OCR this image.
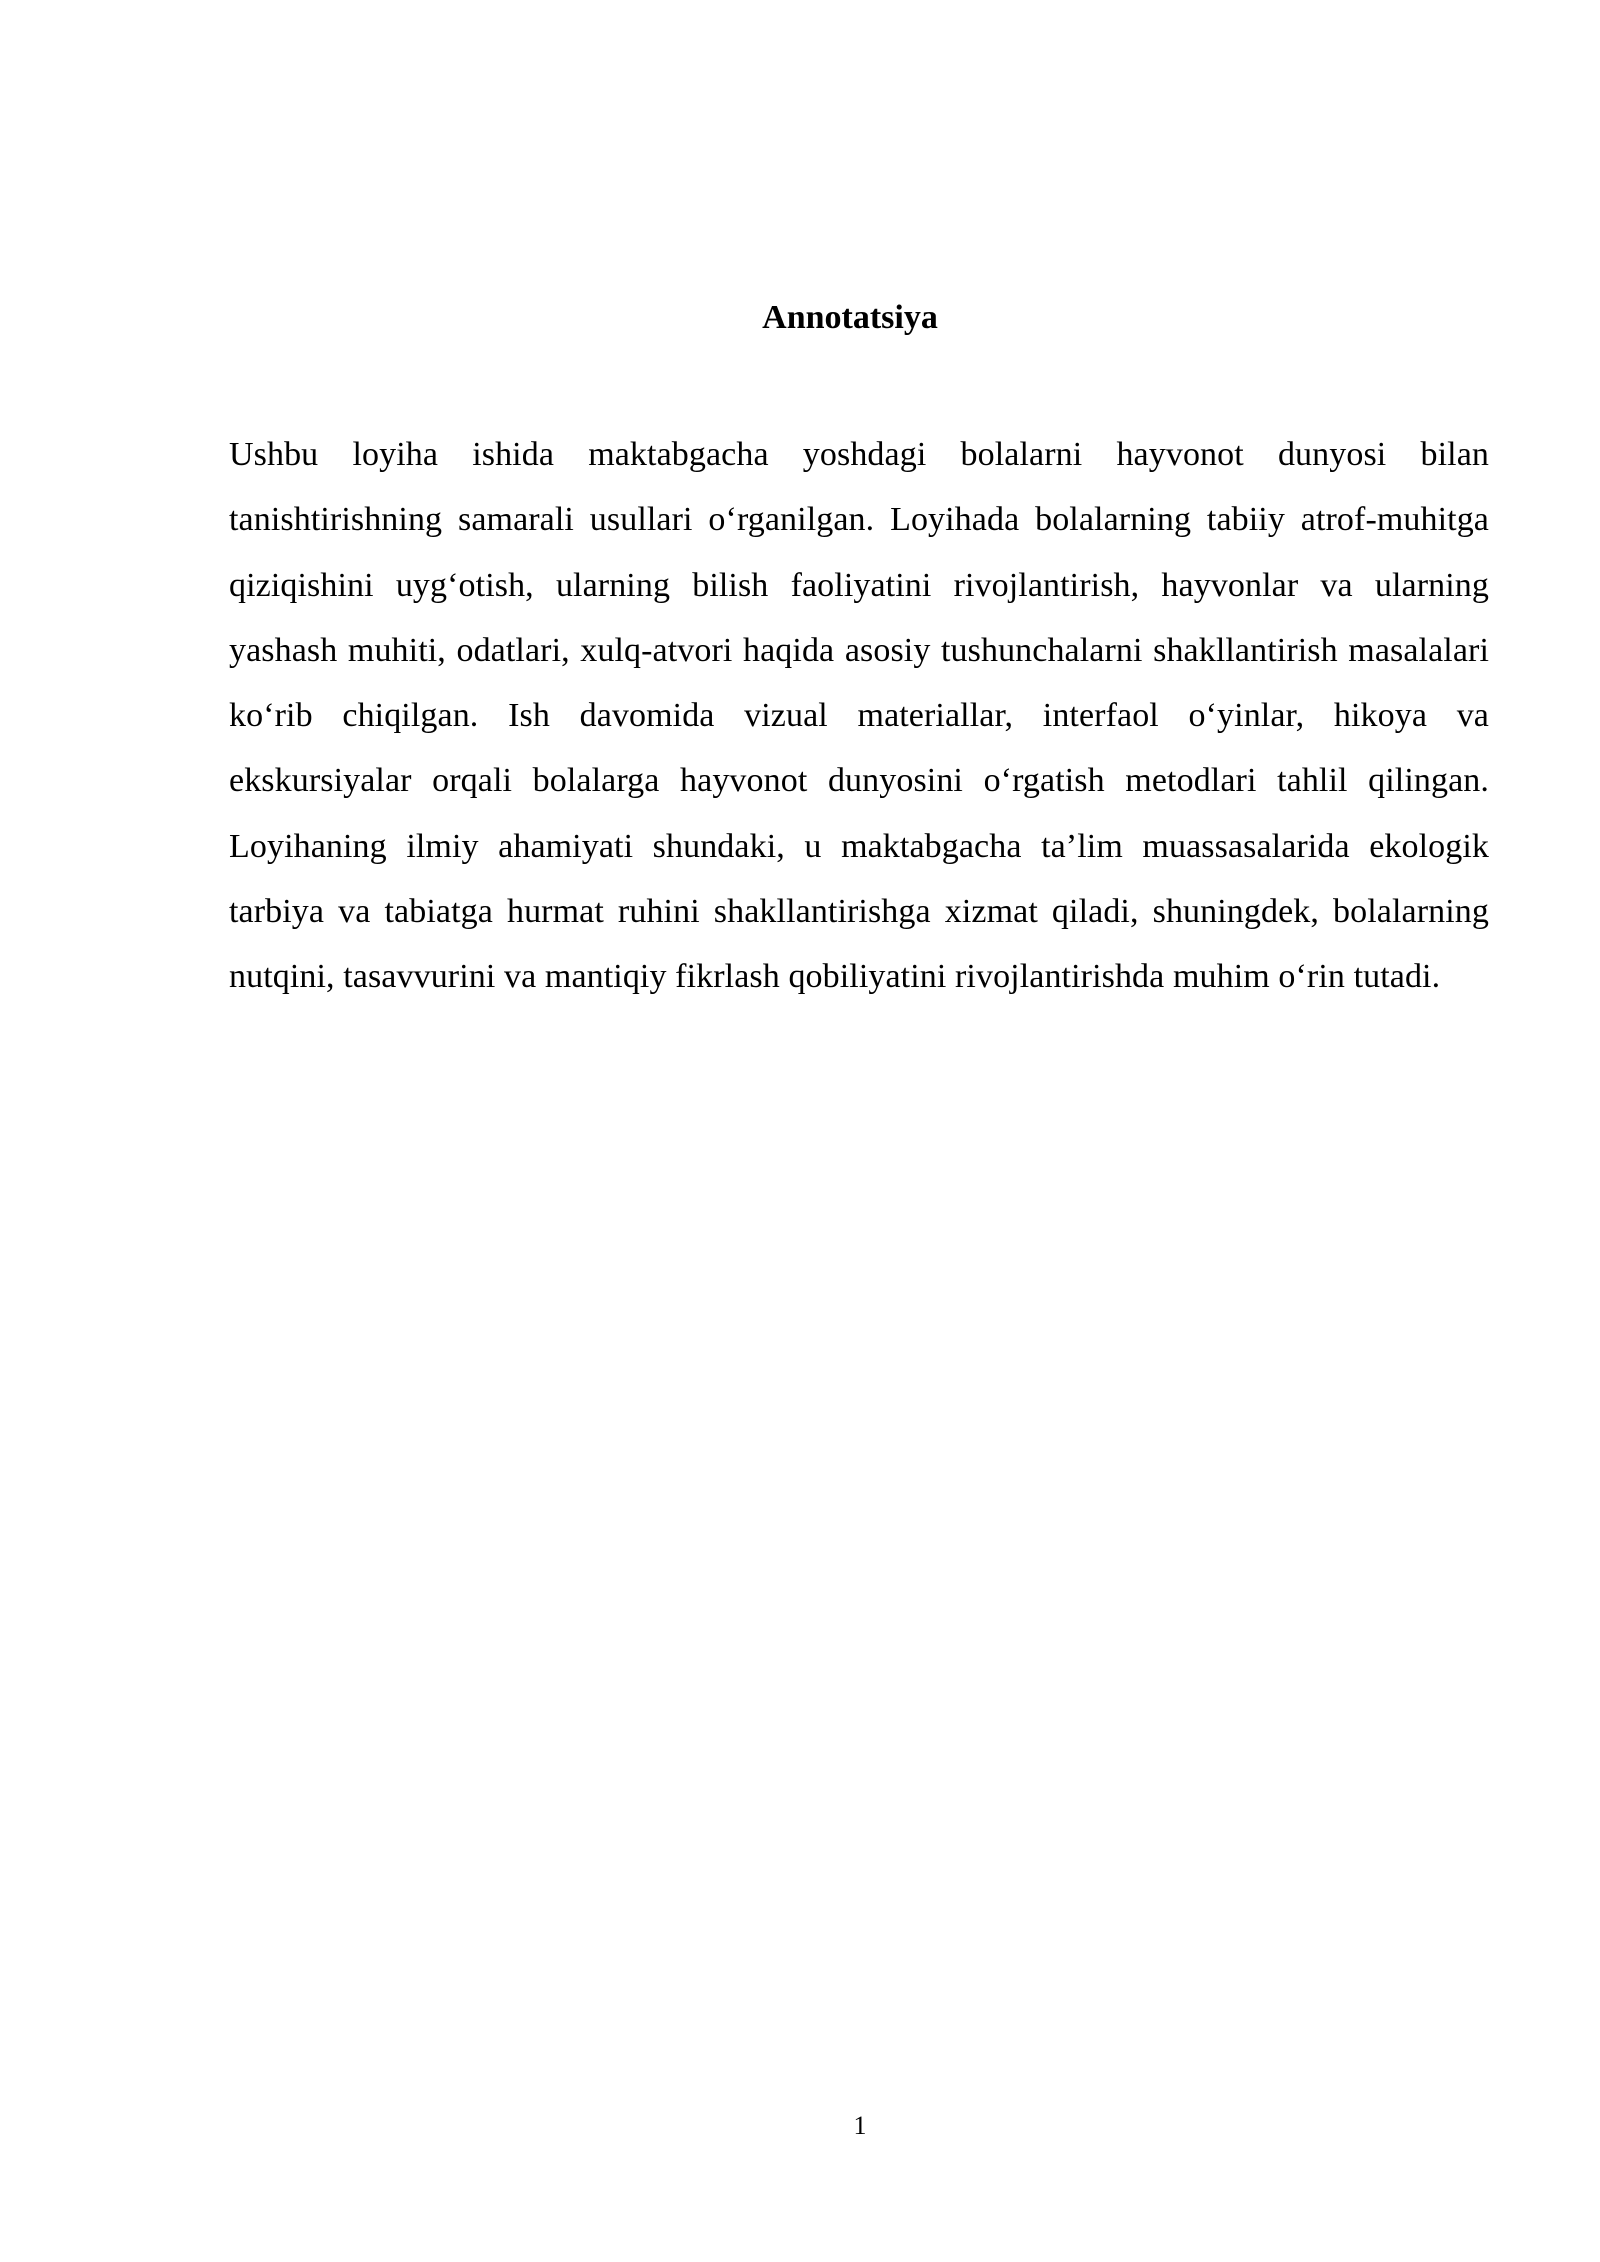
Annotatsiya

Ushbu loyiha ishida maktabgacha yoshdagi bolalarni hayvonot dunyosi bilan tanishtirishning samarali usullari o‘rganilgan. Loyihada bolalarning tabiiy atrof-muhitga qiziqishini uyg‘otish, ularning bilish faoliyatini rivojlantirish, hayvonlar va ularning yashash muhiti, odatlari, xulq-atvori haqida asosiy tushunchalarni shakllantirish masalalari ko‘rib chiqilgan. Ish davomida vizual materiallar, interfaol o‘yinlar, hikoya va ekskursiyalar orqali bolalarga hayvonot dunyosini o‘rgatish metodlari tahlil qilingan. Loyihaning ilmiy ahamiyati shundaki, u maktabgacha ta’lim muassasalarida ekologik tarbiya va tabiatga hurmat ruhini shakllantirishga xizmat qiladi, shuningdek, bolalarning nutqini, tasavvurini va mantiqiy fikrlash qobiliyatini rivojlantirishda muhim o‘rin tutadi.

1
